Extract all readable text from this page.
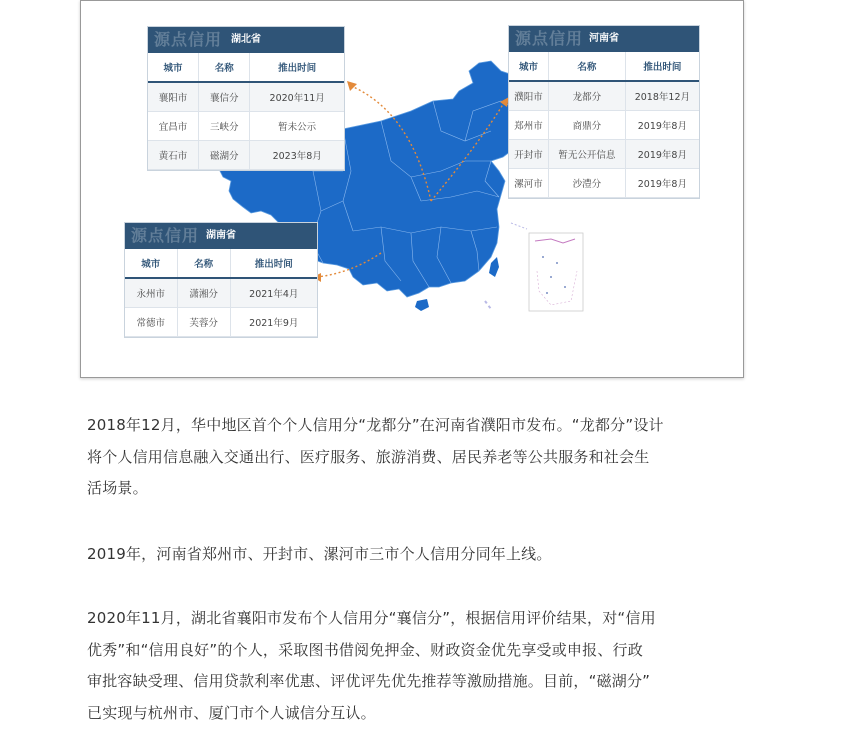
源点信用 湖北省
城市	名称	推出时间
襄阳市	襄信分	2020年11月
宜昌市	三峡分	暂未公示
黄石市	磁湖分	2023年8月
源点信用 河南省
城市	名称	推出时间
濮阳市	龙都分	2018年12月
郑州市	商鼎分	2019年8月
开封市	暂无公开信息	2019年8月
漯河市	沙澧分	2019年8月
源点信用 湖南省
城市	名称	推出时间
永州市	潇湘分	2021年4月
常德市	芙蓉分	2021年9月
2018年12月，华中地区首个个人信用分“龙都分”在河南省濮阳市发布。“龙都分”设计
将个人信用信息融入交通出行、医疗服务、旅游消费、居民养老等公共服务和社会生
活场景。
2019年，河南省郑州市、开封市、漯河市三市个人信用分同年上线。
2020年11月，湖北省襄阳市发布个人信用分“襄信分”，根据信用评价结果，对“信用
优秀”和“信用良好”的个人，采取图书借阅免押金、财政资金优先享受或申报、行政
审批容缺受理、信用贷款利率优惠、评优评先优先推荐等激励措施。目前，“磁湖分”
已实现与杭州市、厦门市个人诚信分互认。
